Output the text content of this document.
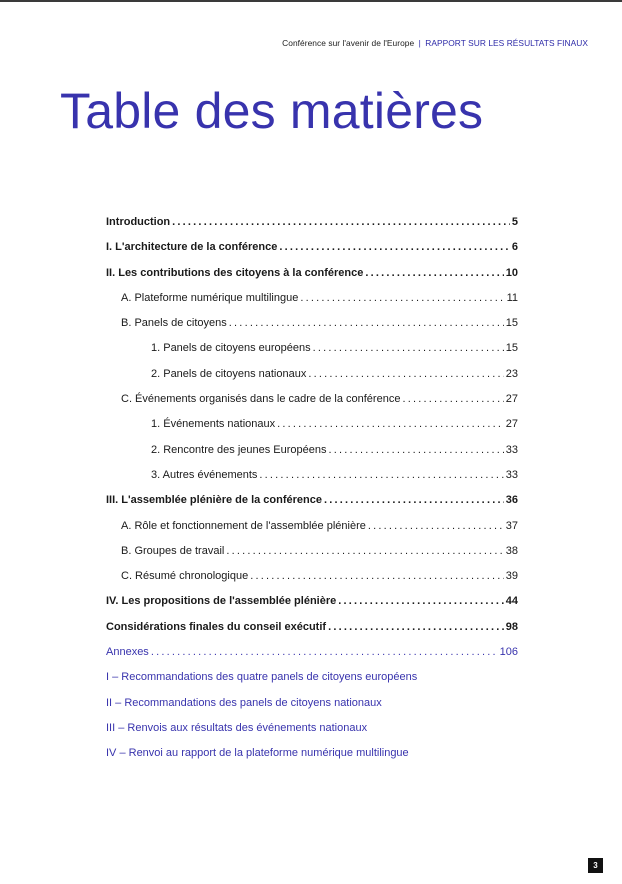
Conférence sur l'avenir de l'Europe | RAPPORT SUR LES RÉSULTATS FINAUX
Table des matières
Introduction .....	5
I. L'architecture de la conférence .....	6
II. Les contributions des citoyens à la conférence .....	10
A. Plateforme numérique multilingue .....	11
B. Panels de citoyens .....	15
1. Panels de citoyens européens .....	15
2. Panels de citoyens nationaux .....	23
C. Événements organisés dans le cadre de la conférence .....	27
1. Événements nationaux .....	27
2. Rencontre des jeunes Européens .....	33
3. Autres événements .....	33
III. L'assemblée plénière de la conférence .....	36
A. Rôle et fonctionnement de l'assemblée plénière .....	37
B. Groupes de travail .....	38
C. Résumé chronologique .....	39
IV. Les propositions de l'assemblée plénière .....	44
Considérations finales du conseil exécutif .....	98
Annexes .....	106
I – Recommandations des quatre panels de citoyens européens
II – Recommandations des panels de citoyens nationaux
III – Renvois aux résultats des événements nationaux
IV – Renvoi au rapport de la plateforme numérique multilingue
3
